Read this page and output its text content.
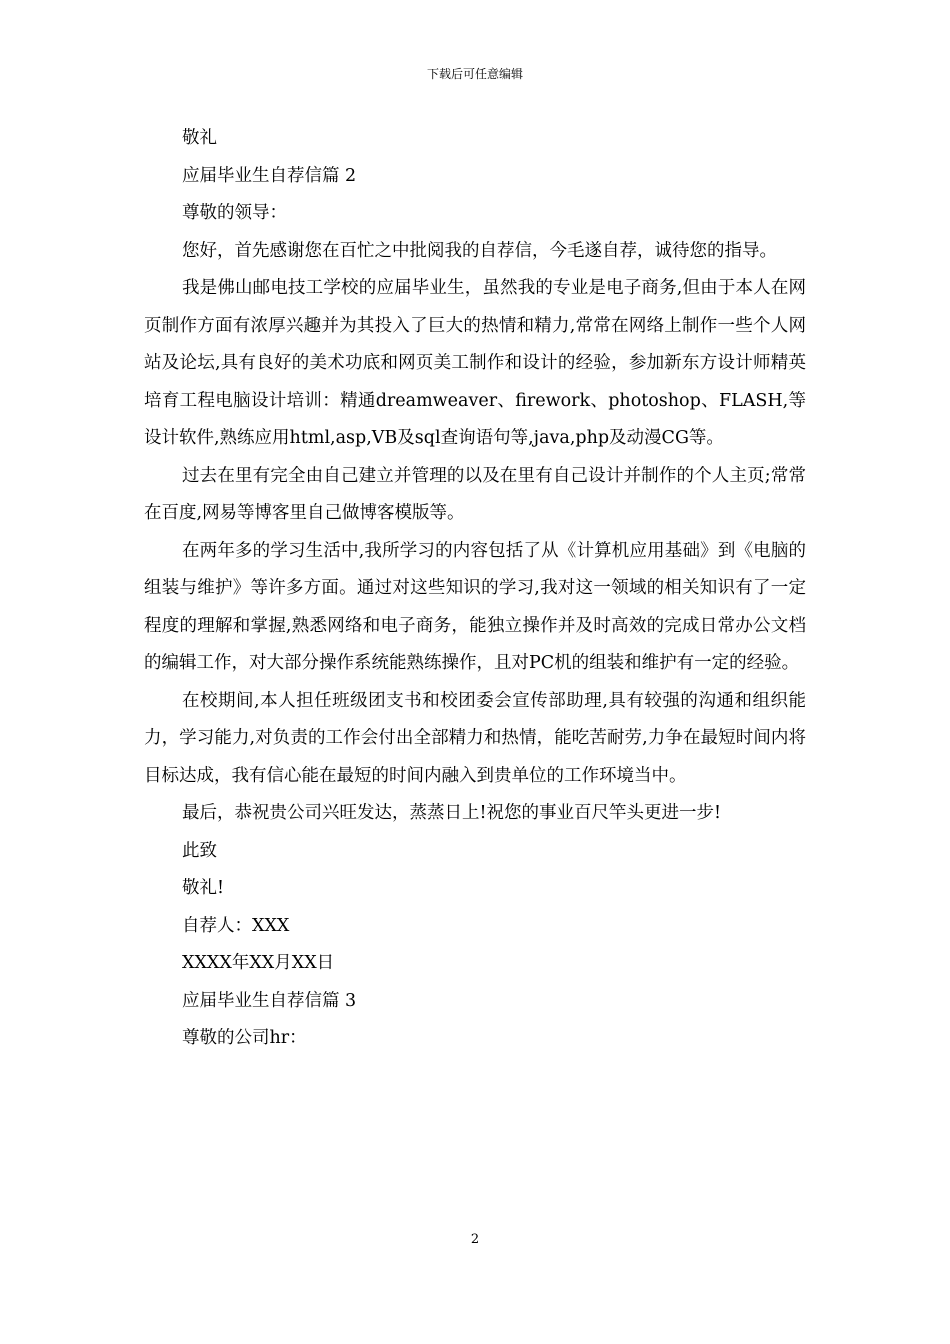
下载后可任意编辑

敬礼

应届毕业生自荐信篇 2

尊敬的领导：

您好，首先感谢您在百忙之中批阅我的自荐信，今毛遂自荐，诚待您的指导。

我是佛山邮电技工学校的应届毕业生，虽然我的专业是电子商务,但由于本人在网页制作方面有浓厚兴趣并为其投入了巨大的热情和精力,常常在网络上制作一些个人网站及论坛,具有良好的美术功底和网页美工制作和设计的经验，参加新东方设计师精英培育工程电脑设计培训：精通dreamweaver、firework、photoshop、FLASH,等设计软件,熟练应用html,asp,VB及sql查询语句等,java,php及动漫CG等。

过去在里有完全由自己建立并管理的以及在里有自己设计并制作的个人主页;常常在百度,网易等博客里自己做博客模版等。

在两年多的学习生活中,我所学习的内容包括了从《计算机应用基础》到《电脑的组装与维护》等许多方面。通过对这些知识的学习,我对这一领域的相关知识有了一定程度的理解和掌握,熟悉网络和电子商务，能独立操作并及时高效的完成日常办公文档的编辑工作，对大部分操作系统能熟练操作，且对PC机的组装和维护有一定的经验。

在校期间,本人担任班级团支书和校团委会宣传部助理,具有较强的沟通和组织能力，学习能力,对负责的工作会付出全部精力和热情，能吃苦耐劳,力争在最短时间内将目标达成，我有信心能在最短的时间内融入到贵单位的工作环境当中。

最后，恭祝贵公司兴旺发达，蒸蒸日上!祝您的事业百尺竿头更进一步!

此致

敬礼!

自荐人：XXX

XXXX年XX月XX日

应届毕业生自荐信篇 3

尊敬的公司hr：

2
